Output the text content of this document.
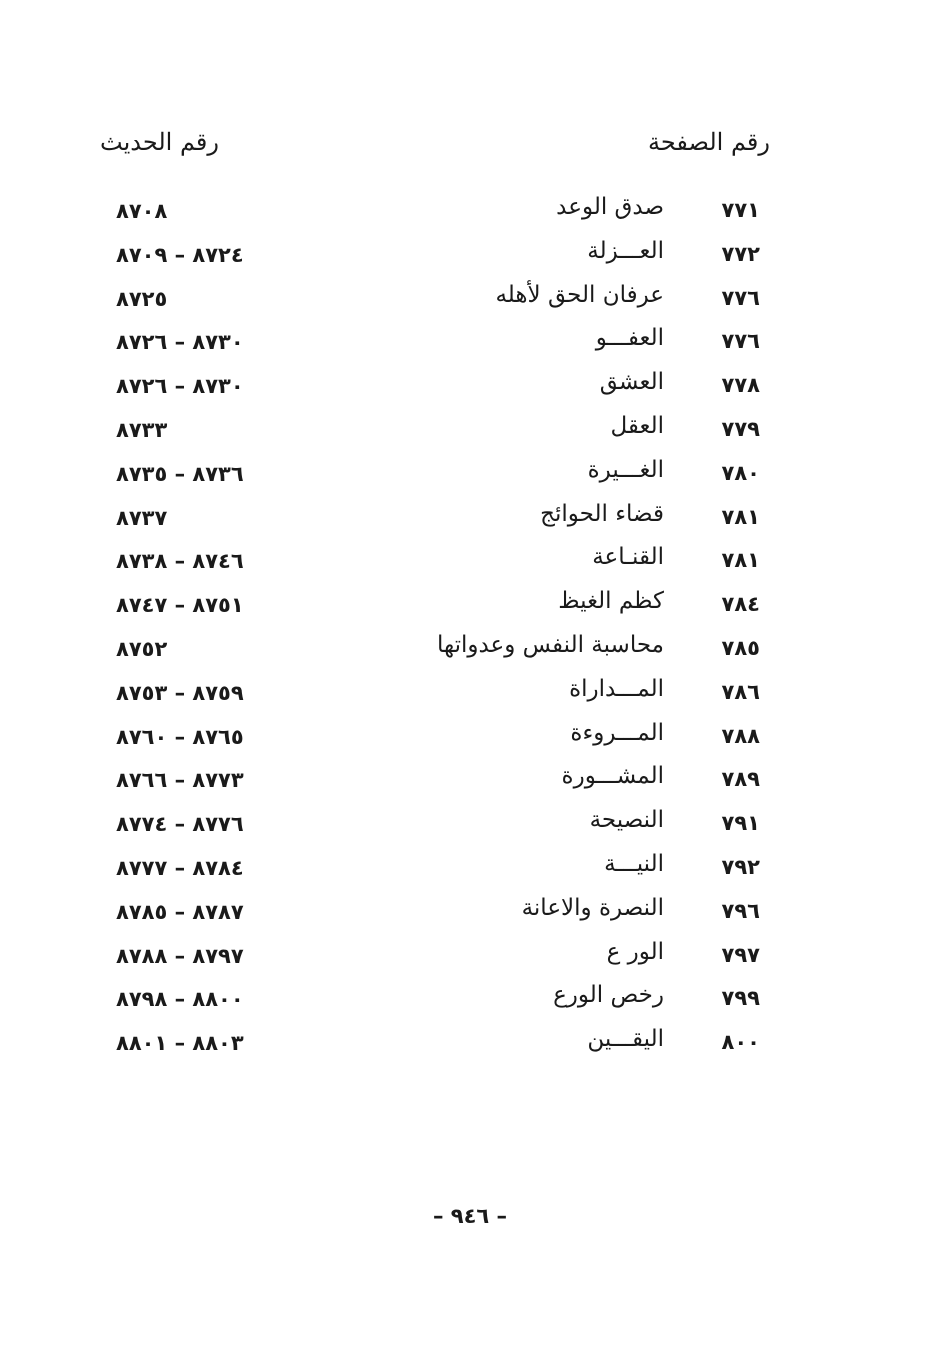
رقم الصفحة
رقم الحديث
٧٧١
صدق الوعد
٨٧٠٨
٧٧٢
العـــزلة
٨٧٢٤ – ٨٧٠٩
٧٧٦
عرفان الحق لأهله
٨٧٢٥
٧٧٦
العفـــو
٨٧٣٠ – ٨٧٢٦
٧٧٨
العشق
٨٧٣٠ – ٨٧٢٦
٧٧٩
العقل
٨٧٣٣
٧٨٠
الغـــيرة
٨٧٣٦ – ٨٧٣٥
٧٨١
قضاء الحوائج
٨٧٣٧
٧٨١
القنـاعة
٨٧٤٦ – ٨٧٣٨
٧٨٤
كظم الغيظ
٨٧٥١ – ٨٧٤٧
٧٨٥
محاسبة النفس وعدواتها
٨٧٥٢
٧٨٦
المـــداراة
٨٧٥٩ – ٨٧٥٣
٧٨٨
المـــروءة
٨٧٦٥ – ٨٧٦٠
٧٨٩
المشـــورة
٨٧٧٣ – ٨٧٦٦
٧٩١
النصيحة
٨٧٧٦ – ٨٧٧٤
٧٩٢
النيـــة
٨٧٨٤ – ٨٧٧٧
٧٩٦
النصرة والاعانة
٨٧٨٧ – ٨٧٨٥
٧٩٧
الور ع
٨٧٩٧ – ٨٧٨٨
٧٩٩
رخص الورع
٨٨٠٠ – ٨٧٩٨
٨٠٠
اليقـــين
٨٨٠٣ – ٨٨٠١
– ٩٤٦ –
